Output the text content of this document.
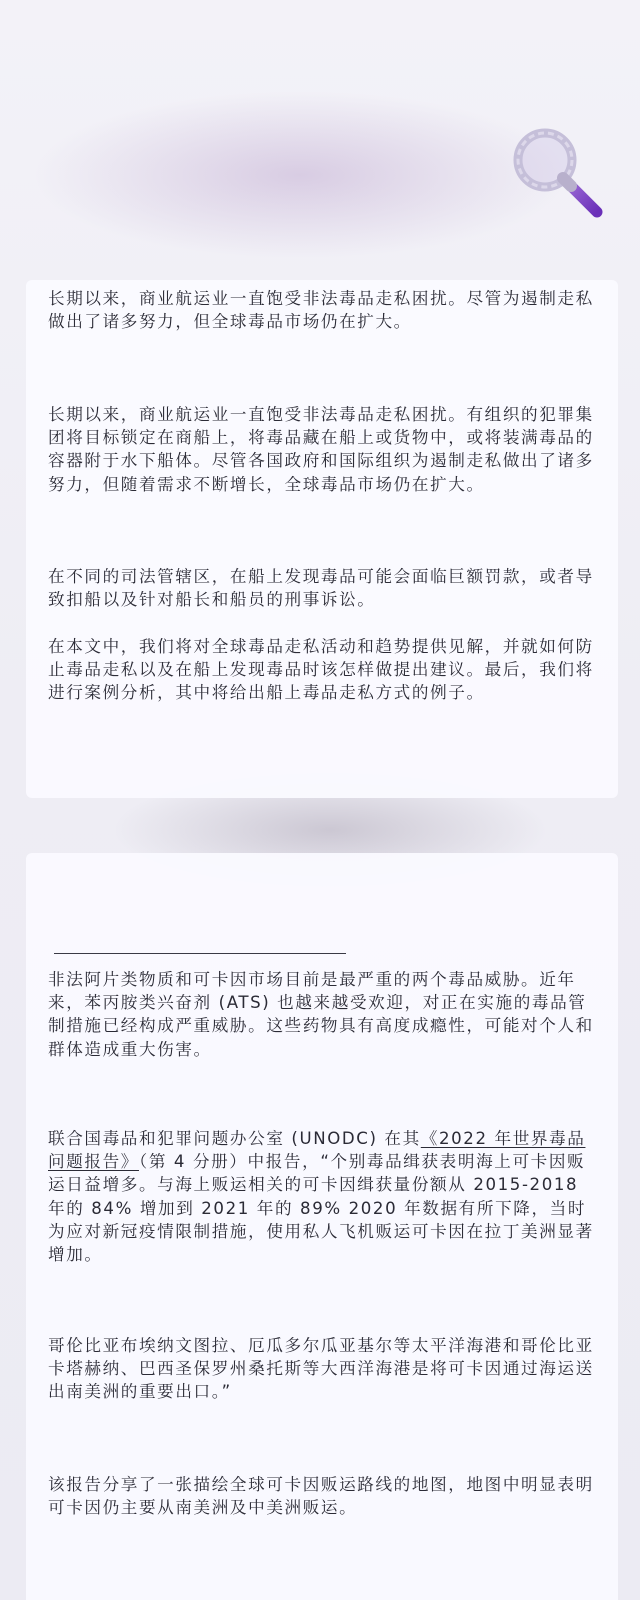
长期以来，商业航运业一直饱受非法毒品走私困扰。尽管为遏制走私做出了诸多努力，但全球毒品市场仍在扩大。

长期以来，商业航运业一直饱受非法毒品走私困扰。有组织的犯罪集团将目标锁定在商船上，将毒品藏在船上或货物中，或将装满毒品的容器附于水下船体。尽管各国政府和国际组织为遏制走私做出了诸多努力，但随着需求不断增长，全球毒品市场仍在扩大。

在不同的司法管辖区，在船上发现毒品可能会面临巨额罚款，或者导致扣船以及针对船长和船员的刑事诉讼。

在本文中，我们将对全球毒品走私活动和趋势提供见解，并就如何防止毒品走私以及在船上发现毒品时该怎样做提出建议。最后，我们将进行案例分析，其中将给出船上毒品走私方式的例子。

非法阿片类物质和可卡因市场目前是最严重的两个毒品威胁。近年来，苯丙胺类兴奋剂 (ATS) 也越来越受欢迎，对正在实施的毒品管制措施已经构成严重威胁。这些药物具有高度成瘾性，可能对个人和群体造成重大伤害。

联合国毒品和犯罪问题办公室 (UNODC) 在其《2022 年世界毒品问题报告》（第 4 分册）中报告，“个别毒品缉获表明海上可卡因贩运日益增多。与海上贩运相关的可卡因缉获量份额从 2015-2018 年的 84% 增加到 2021 年的 89% 2020 年数据有所下降，当时为应对新冠疫情限制措施，使用私人飞机贩运可卡因在拉丁美洲显著增加。

哥伦比亚布埃纳文图拉、厄瓜多尔瓜亚基尔等太平洋海港和哥伦比亚卡塔赫纳、巴西圣保罗州桑托斯等大西洋海港是将可卡因通过海运送出南美洲的重要出口。”

该报告分享了一张描绘全球可卡因贩运路线的地图，地图中明显表明可卡因仍主要从南美洲及中美洲贩运。
